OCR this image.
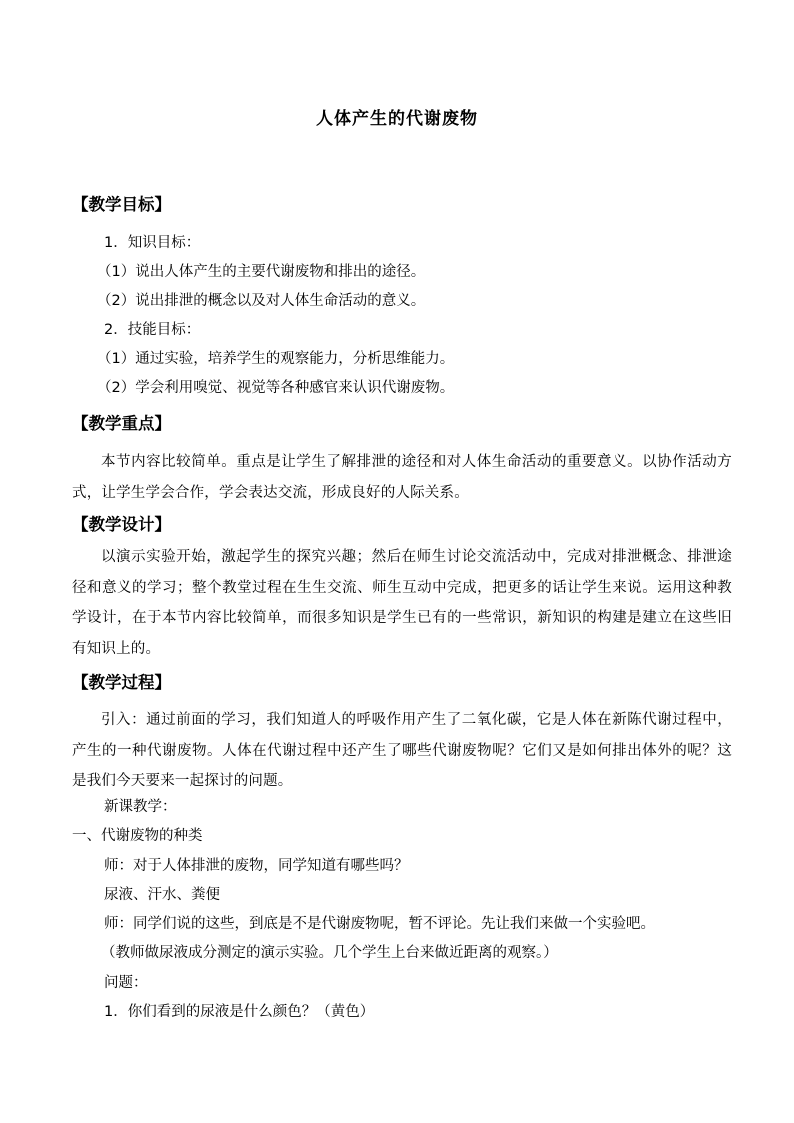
人体产生的代谢废物
【教学目标】
1．知识目标：
（1）说出人体产生的主要代谢废物和排出的途径。
（2）说出排泄的概念以及对人体生命活动的意义。
2．技能目标：
（1）通过实验，培养学生的观察能力，分析思维能力。
（2）学会利用嗅觉、视觉等各种感官来认识代谢废物。
【教学重点】
本节内容比较简单。重点是让学生了解排泄的途径和对人体生命活动的重要意义。以协作活动方式，让学生学会合作，学会表达交流，形成良好的人际关系。
【教学设计】
以演示实验开始，激起学生的探究兴趣；然后在师生讨论交流活动中，完成对排泄概念、排泄途径和意义的学习；整个教堂过程在生生交流、师生互动中完成，把更多的话让学生来说。运用这种教学设计，在于本节内容比较简单，而很多知识是学生已有的一些常识，新知识的构建是建立在这些旧有知识上的。
【教学过程】
引入：通过前面的学习，我们知道人的呼吸作用产生了二氧化碳，它是人体在新陈代谢过程中，产生的一种代谢废物。人体在代谢过程中还产生了哪些代谢废物呢？它们又是如何排出体外的呢？这是我们今天要来一起探讨的问题。
新课教学：
一、代谢废物的种类
师：对于人体排泄的废物，同学知道有哪些吗？
尿液、汗水、粪便
师：同学们说的这些，到底是不是代谢废物呢，暂不评论。先让我们来做一个实验吧。
（教师做尿液成分测定的演示实验。几个学生上台来做近距离的观察。）
问题：
1．你们看到的尿液是什么颜色？（黄色）
